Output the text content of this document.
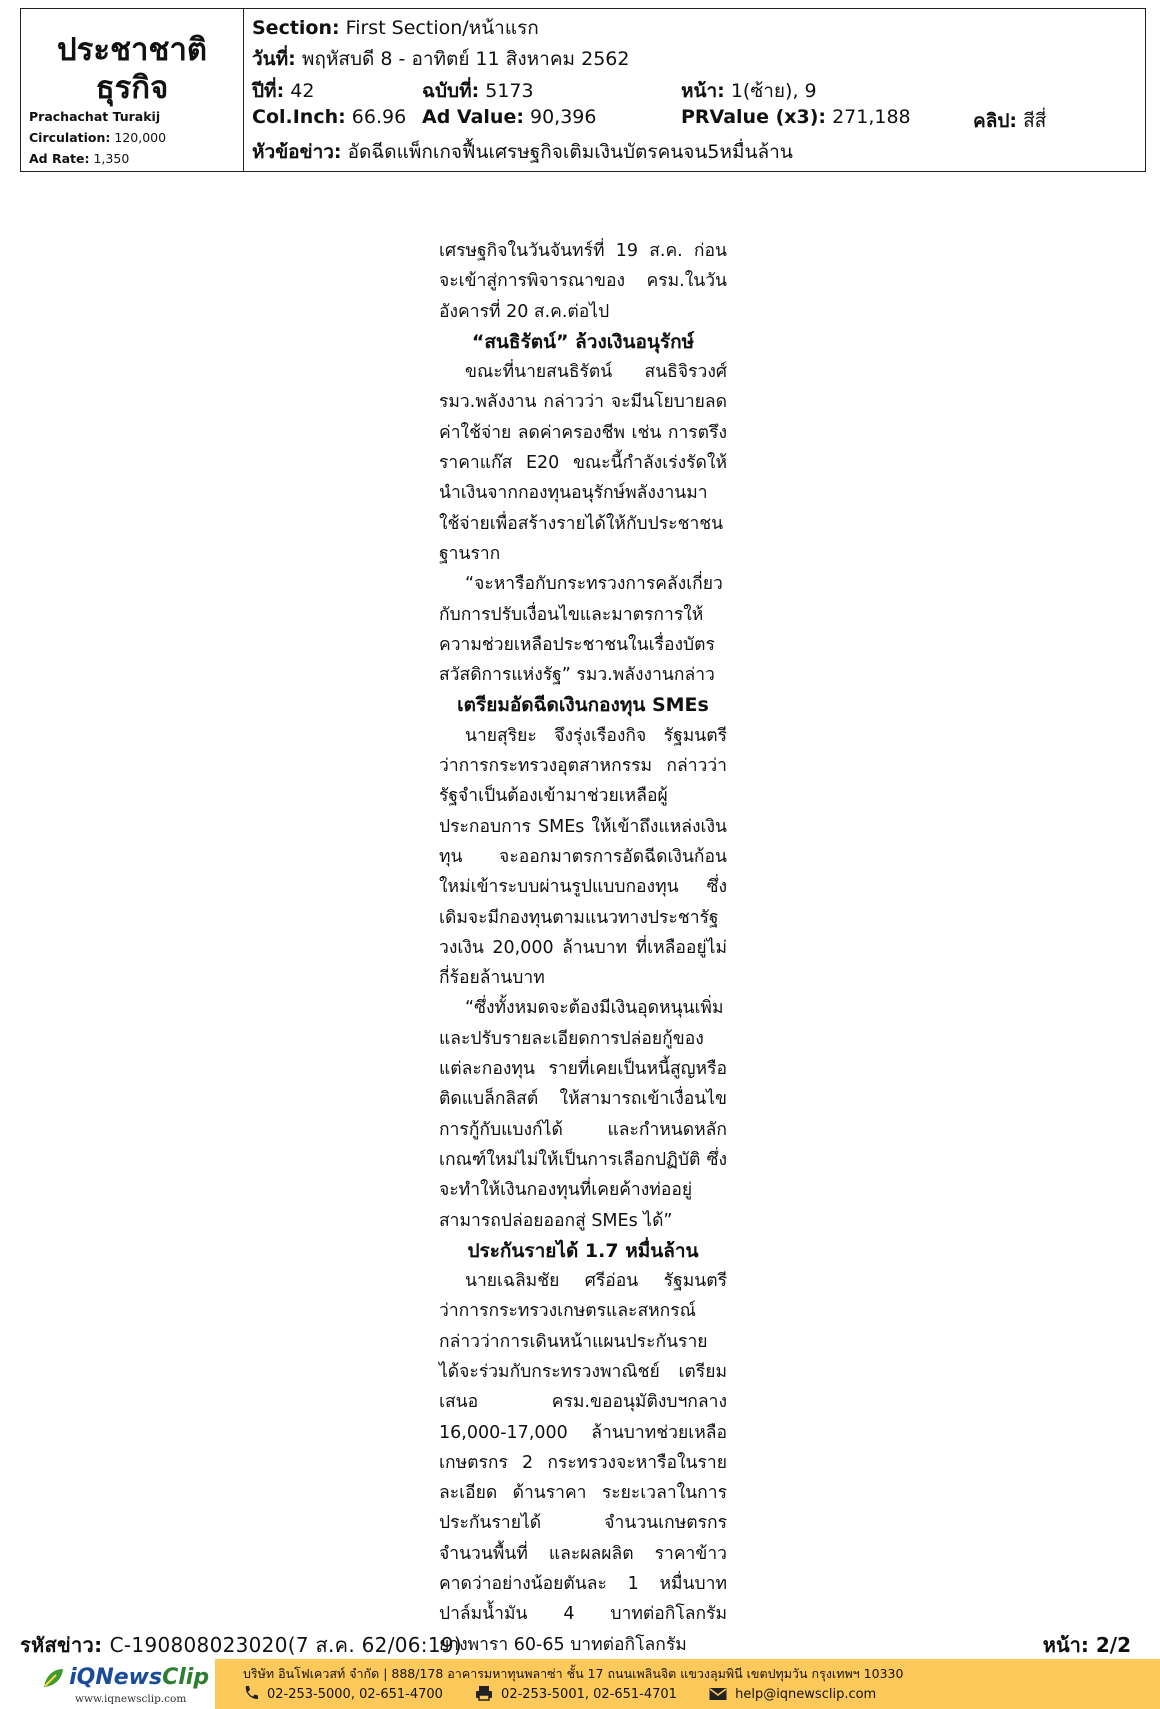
ประชาชาติ
ธุรกิจ
Prachachat Turakij
Circulation: 120,000
Ad Rate: 1,350
Section: First Section/หน้าแรก
วันที่: พฤหัสบดี 8 - อาทิตย์ 11 สิงหาคม 2562
ปีที่: 42	ฉบับที่: 5173	หน้า: 1(ซ้าย), 9
Col.Inch: 66.96 Ad Value: 90,396	PRValue (x3): 271,188	คลิป: สีสี่
หัวข้อข่าว: อัดฉีดแพ็กเกจฟื้นเศรษฐกิจเติมเงินบัตรคนจน5หมื่นล้าน

เศรษฐกิจในวันจันทร์ที่ 19 ส.ค. ก่อนจะเข้าสู่การพิจารณาของ ครม.ในวันอังคารที่ 20 ส.ค.ต่อไป

“สนธิรัตน์” ล้วงเงินอนุรักษ์

ขณะที่นายสนธิรัตน์ สนธิจิรวงศ์ รมว.พลังงาน กล่าวว่า จะมีนโยบายลดค่าใช้จ่าย ลดค่าครองชีพ เช่น การตรึงราคาแก๊ส E20 ขณะนี้กำลังเร่งรัดให้นำเงินจากกองทุนอนุรักษ์พลังงานมาใช้จ่ายเพื่อสร้างรายได้ให้กับประชาชนฐานราก

“จะหารือกับกระทรวงการคลังเกี่ยวกับการปรับเงื่อนไขและมาตรการให้ความช่วยเหลือประชาชนในเรื่องบัตรสวัสดิการแห่งรัฐ” รมว.พลังงานกล่าว

เตรียมอัดฉีดเงินกองทุน SMEs

นายสุริยะ จึงรุ่งเรืองกิจ รัฐมนตรีว่าการกระทรวงอุตสาหกรรม กล่าวว่ารัฐจำเป็นต้องเข้ามาช่วยเหลือผู้ประกอบการ SMEs ให้เข้าถึงแหล่งเงินทุน จะออกมาตรการอัดฉีดเงินก้อนใหม่เข้าระบบผ่านรูปแบบกองทุน ซึ่งเดิมจะมีกองทุนตามแนวทางประชารัฐ วงเงิน 20,000 ล้านบาท ที่เหลืออยู่ไม่กี่ร้อยล้านบาท

“ซึ่งทั้งหมดจะต้องมีเงินอุดหนุนเพิ่มและปรับรายละเอียดการปล่อยกู้ของแต่ละกองทุน รายที่เคยเป็นหนี้สูญหรือติดแบล็กลิสต์ ให้สามารถเข้าเงื่อนไขการกู้กับแบงก์ได้ และกำหนดหลักเกณฑ์ใหม่ไม่ให้เป็นการเลือกปฏิบัติ ซึ่งจะทำให้เงินกองทุนที่เคยค้างท่ออยู่สามารถปล่อยออกสู่ SMEs ได้”

ประกันรายได้ 1.7 หมื่นล้าน

นายเฉลิมชัย ศรีอ่อน รัฐมนตรีว่าการกระทรวงเกษตรและสหกรณ์ กล่าวว่าการเดินหน้าแผนประกันรายได้จะร่วมกับกระทรวงพาณิชย์ เตรียมเสนอ ครม.ขออนุมัติงบฯกลาง 16,000-17,000 ล้านบาทช่วยเหลือเกษตรกร 2 กระทรวงจะหารือในรายละเอียด ด้านราคา ระยะเวลาในการประกันรายได้ จำนวนเกษตรกร จำนวนพื้นที่ และผลผลิต ราคาข้าวคาดว่าอย่างน้อยตันละ 1 หมื่นบาท ปาล์มน้ำมัน 4 บาทต่อกิโลกรัม ยางพารา 60-65 บาทต่อกิโลกรัม

รหัสข่าว: C-190808023020(7 ส.ค. 62/06:19)	หน้า: 2/2
iQNewsClip
www.iqnewsclip.com
บริษัท อินโฟเควสท์ จำกัด | 888/178 อาคารมหาทุนพลาซ่า ชั้น 17 ถนนเพลินจิต แขวงลุมพินี เขตปทุมวัน กรุงเทพฯ 10330
02-253-5000, 02-651-4700	02-253-5001, 02-651-4701	help@iqnewsclip.com
